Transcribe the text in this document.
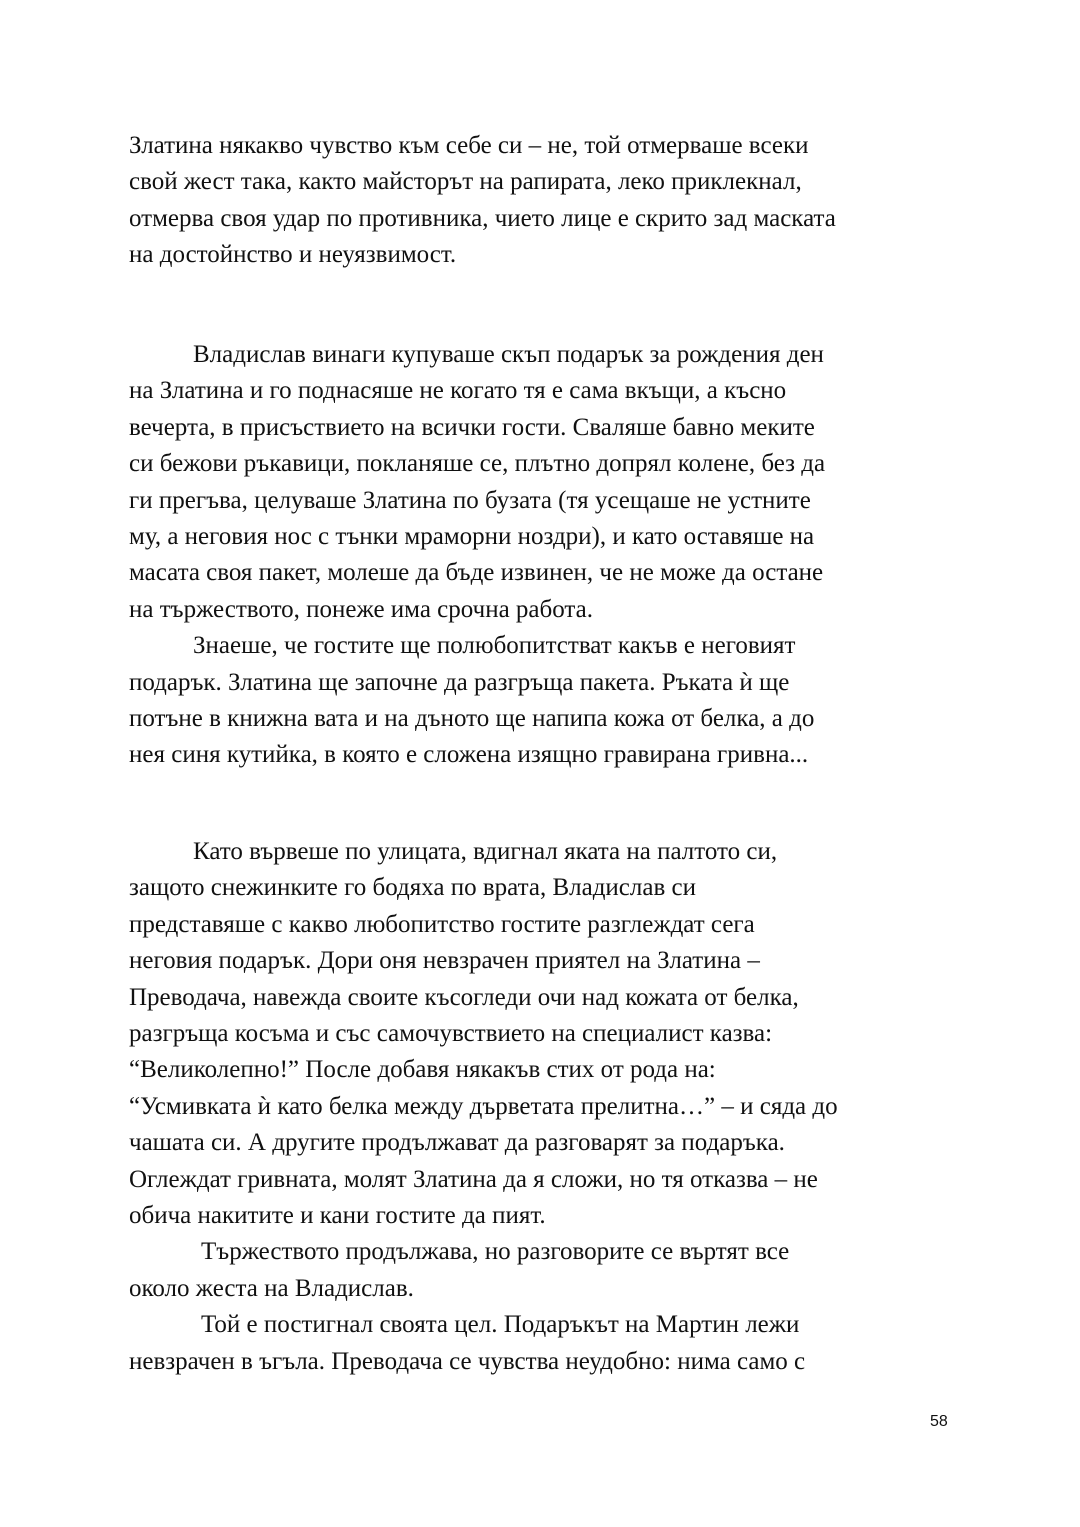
Златина някакво чувство към себе си – не, той отмерваше всеки
свой жест така, както майсторът на рапирата, леко приклекнал,
отмерва своя удар по противника, чието лице е скрито зад маската
на достойнство и неуязвимост.
Владислав винаги купуваше скъп подарък за рождения ден
на Златина и го поднасяше не когато тя е сама вкъщи, а късно
вечерта, в присъствието на всички гости. Сваляше бавно меките
си бежови ръкавици, покланяше се, плътно допрял колене, без да
ги прегъва, целуваше Златина по бузата (тя усещаше не устните
му, а неговия нос с тънки мраморни ноздри), и като оставяше на
масата своя пакет, молеше да бъде извинен, че не може да остане
на тържеството, понеже има срочна работа.
Знаеше, че гостите ще полюбопитстват какъв е неговият
подарък. Златина ще започне да разгръща пакета. Ръката ѝ ще
потъне в книжна вата и на дъното ще напипа кожа от белка, а до
нея синя кутийка, в която е сложена изящно гравирана гривна...
Като вървеше по улицата, вдигнал яката на палтото си,
защото снежинките го бодяха по врата, Владислав си
представяше с какво любопитство гостите разглеждат сега
неговия подарък. Дори оня невзрачен приятел на Златина –
Преводача, навежда своите късогледи очи над кожата от белка,
разгръща косъма и със самочувствието на специалист казва:
“Великолепно!” После добавя някакъв стих от рода на:
“Усмивката ѝ като белка между дърветата прелитна…” – и сяда до
чашата си. А другите продължават да разговарят за подаръка.
Оглеждат гривната, молят Златина да я сложи, но тя отказва – не
обича накитите и кани гостите да пият.
Тържеството продължава, но разговорите се въртят все
около жеста на Владислав.
Той е постигнал своята цел. Подаръкът на Мартин лежи
невзрачен в ъгъла. Преводача се чувства неудобно: нима само с
58
